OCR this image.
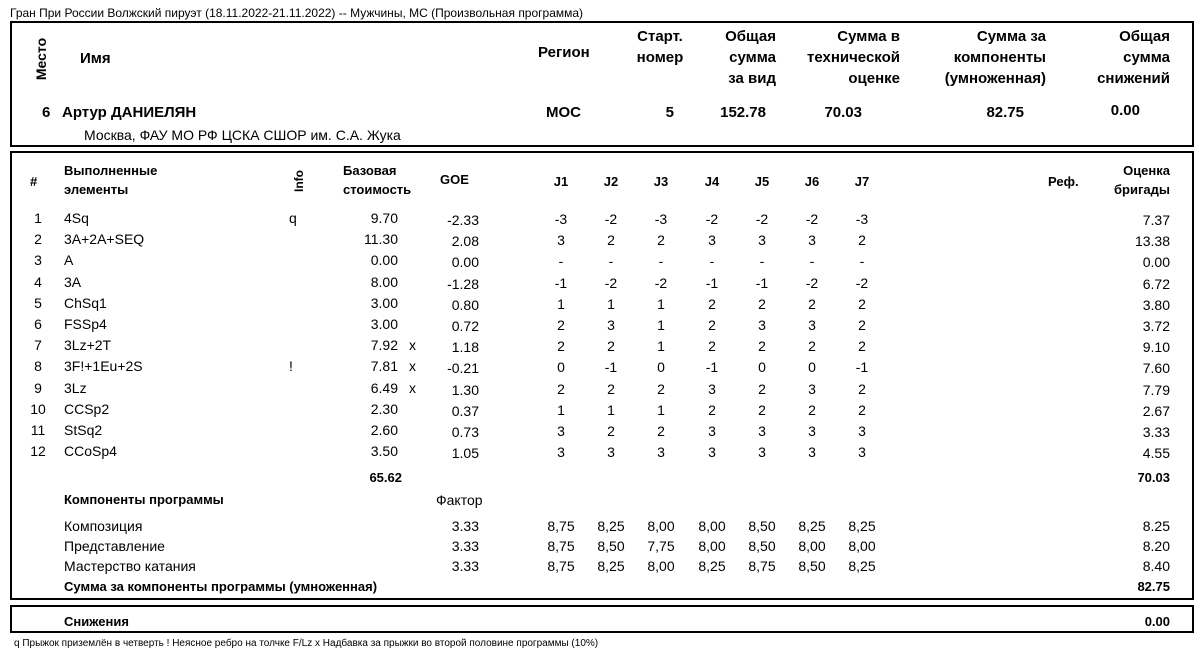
Гран При России Волжский пируэт (18.11.2022-21.11.2022) -- Мужчины, МС (Произвольная программа)
Место Имя	Регион
Старт.
номер
Общая
сумма
за вид
Сумма в
технической
оценке
Сумма за
компоненты
(умноженная)
Общая
сумма
снижений
6 Артур ДАНИЕЛЯН
Москва, ФАУ МО РФ ЦСКА СШОР им. С.А. Жука
MOC	5	152.78	70.03	82.75	0.00
#
Выполненные
элементы	Info	Базовая
стоимость
GOE	J1	J2	J3	J4	J5	J6	J7	Реф.
Оценка
бригады
1	4Sq	q	9.70	-2.33	-3	-2	-3	-2	-2	-2	-3	7.37
2	3A+2A+SEQ	11.30	2.08	3	2	2	3	3	3	2	13.38
3	A	0.00	0.00	-	-	-	-	-	-	-	0.00
4	3A	8.00	-1.28	-1	-2	-2	-1	-1	-2	-2	6.72
5	ChSq1	3.00	0.80	1	1	1	2	2	2	2	3.80
6	FSSp4	3.00	0.72	2	3	1	2	3	3	2	3.72
7	3Lz+2T	7.92 x	1.18	2	2	1	2	2	2	2	9.10
8	3F!+1Eu+2S	!	7.81 x	-0.21	0	-1	0	-1	0	0	-1	7.60
9	3Lz	6.49 x	1.30	2	2	2	3	2	3	2	7.79
10	CCSp2	2.30	0.37	1	1	1	2	2	2	2	2.67
11	StSq2	2.60	0.73	3	2	2	3	3	3	3	3.33
12	CCoSp4	3.50	1.05	3	3	3	3	3	3	3	4.55
65.62	70.03
Компоненты программы	Фактор
Композиция	3.33	8,75	8,25	8,00	8,00	8,50	8,25	8,25	8.25
Представление	3.33	8,75	8,50	7,75	8,00	8,50	8,00	8,00	8.20
Мастерство катания	3.33	8,75	8,25	8,00	8,25	8,75	8,50	8,25	8.40
Сумма за компоненты программы (умноженная)	82.75
Снижения	0.00
q Прыжок приземлён в четверть ! Неясное ребро на толчке F/Lz x Надбавка за прыжки во второй половине программы (10%)
